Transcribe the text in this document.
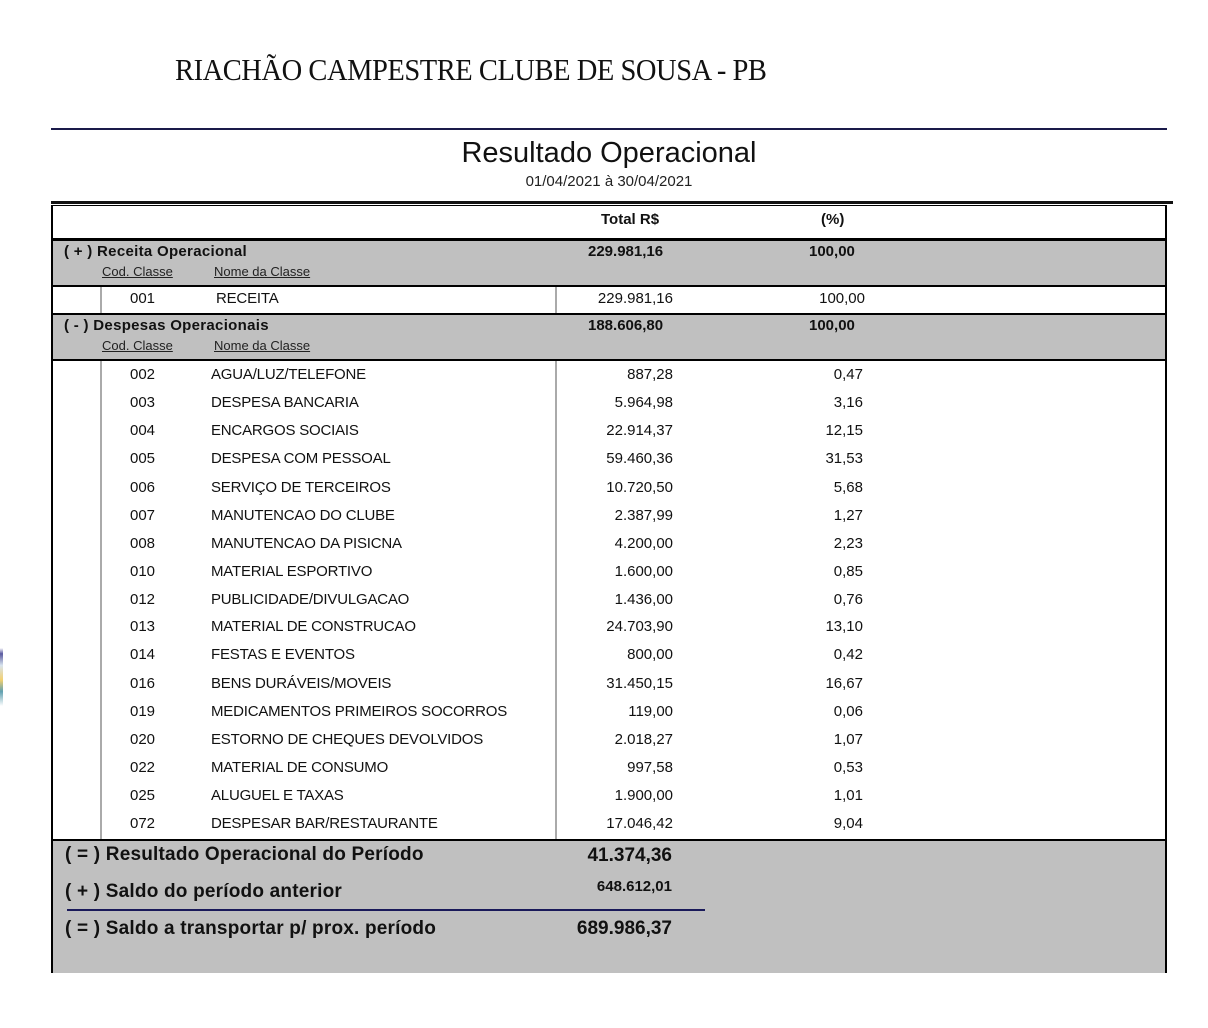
RIACHÃO CAMPESTRE CLUBE DE SOUSA - PB
Resultado Operacional
01/04/2021 à 30/04/2021
Total R$	(%)
( + ) Receita Operacional	229.981,16	100,00
Cod. Classe	Nome da Classe
001	RECEITA	229.981,16	100,00
( - ) Despesas Operacionais	188.606,80	100,00
Cod. Classe	Nome da Classe
002	AGUA/LUZ/TELEFONE	887,28	0,47
003	DESPESA BANCARIA	5.964,98	3,16
004	ENCARGOS SOCIAIS	22.914,37	12,15
005	DESPESA COM PESSOAL	59.460,36	31,53
006	SERVIÇO DE TERCEIROS	10.720,50	5,68
007	MANUTENCAO DO CLUBE	2.387,99	1,27
008	MANUTENCAO DA PISICNA	4.200,00	2,23
010	MATERIAL ESPORTIVO	1.600,00	0,85
012	PUBLICIDADE/DIVULGACAO	1.436,00	0,76
013	MATERIAL DE CONSTRUCAO	24.703,90	13,10
014	FESTAS E EVENTOS	800,00	0,42
016	BENS DURÁVEIS/MOVEIS	31.450,15	16,67
019	MEDICAMENTOS PRIMEIROS SOCORROS	119,00	0,06
020	ESTORNO DE CHEQUES DEVOLVIDOS	2.018,27	1,07
022	MATERIAL DE CONSUMO	997,58	0,53
025	ALUGUEL E TAXAS	1.900,00	1,01
072	DESPESAR BAR/RESTAURANTE	17.046,42	9,04
( = ) Resultado Operacional do Período	41.374,36
( + ) Saldo do período anterior	648.612,01
( = ) Saldo a transportar p/ prox. período	689.986,37
